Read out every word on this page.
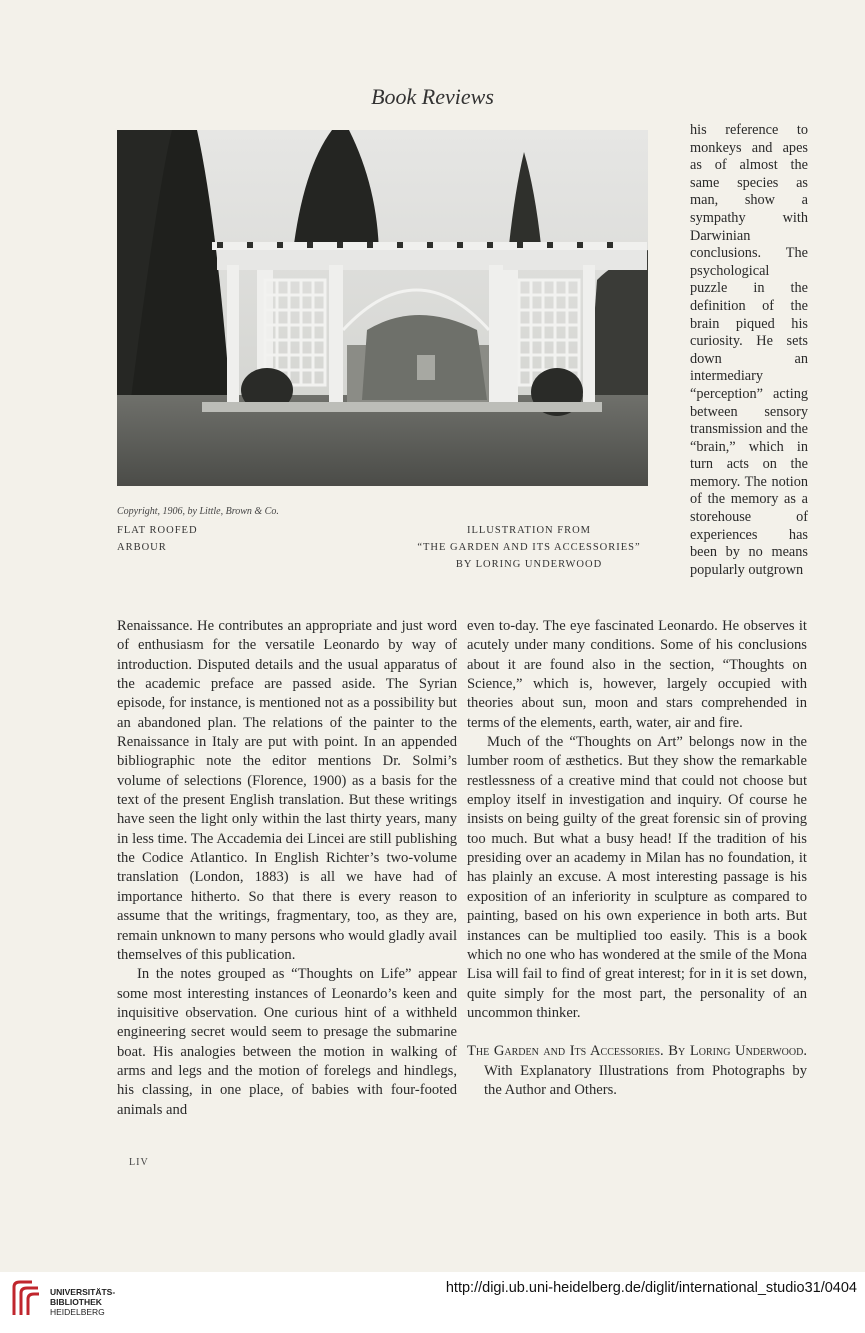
Book Reviews
Copyright, 1906, by Little, Brown & Co.
FLAT ROOFED
ARBOUR
ILLUSTRATION FROM
“THE GARDEN AND ITS ACCESSORIES”
BY LORING UNDERWOOD

his reference to monkeys and apes as of almost the same species as man, show a sympathy with Darwinian conclusions. The psychological puzzle in the definition of the brain piqued his curiosity. He sets down an intermediary “perception” acting between sensory transmission and the “brain,” which in turn acts on the memory. The notion of the memory as a storehouse of experiences has been by no means popularly outgrown

Renaissance. He contributes an appropriate and just word of enthusiasm for the versatile Leonardo by way of introduction. Disputed details and the usual apparatus of the academic preface are passed aside. The Syrian episode, for instance, is mentioned not as a possibility but an abandoned plan. The relations of the painter to the Renaissance in Italy are put with point. In an appended bibliographic note the editor mentions Dr. Solmi’s volume of selections (Florence, 1900) as a basis for the text of the present English translation. But these writings have seen the light only within the last thirty years, many in less time. The Accademia dei Lincei are still publishing the Codice Atlantico. In English Richter’s two-volume translation (London, 1883) is all we have had of importance hitherto. So that there is every reason to assume that the writings, fragmentary, too, as they are, remain unknown to many persons who would gladly avail themselves of this publication.

In the notes grouped as “Thoughts on Life” appear some most interesting instances of Leonardo’s keen and inquisitive observation. One curious hint of a withheld engineering secret would seem to presage the submarine boat. His analogies between the motion in walking of arms and legs and the motion of forelegs and hindlegs, his classing, in one place, of babies with four-footed animals and

even to-day. The eye fascinated Leonardo. He observes it acutely under many conditions. Some of his conclusions about it are found also in the section, “Thoughts on Science,” which is, however, largely occupied with theories about sun, moon and stars comprehended in terms of the elements, earth, water, air and fire.

Much of the “Thoughts on Art” belongs now in the lumber room of æsthetics. But they show the remarkable restlessness of a creative mind that could not choose but employ itself in investigation and inquiry. Of course he insists on being guilty of the great forensic sin of proving too much. But what a busy head! If the tradition of his presiding over an academy in Milan has no foundation, it has plainly an excuse. A most interesting passage is his exposition of an inferiority in sculpture as compared to painting, based on his own experience in both arts. But instances can be multiplied too easily. This is a book which no one who has wondered at the smile of the Mona Lisa will fail to find of great interest; for in it is set down, quite simply for the most part, the personality of an uncommon thinker.

The Garden and Its Accessories. By Loring Underwood. With Explanatory Illustrations from Photographs by the Author and Others.

LIV
UNIVERSITÄTS-
BIBLIOTHEK
HEIDELBERG
http://digi.ub.uni-heidelberg.de/diglit/international_studio31/0404
